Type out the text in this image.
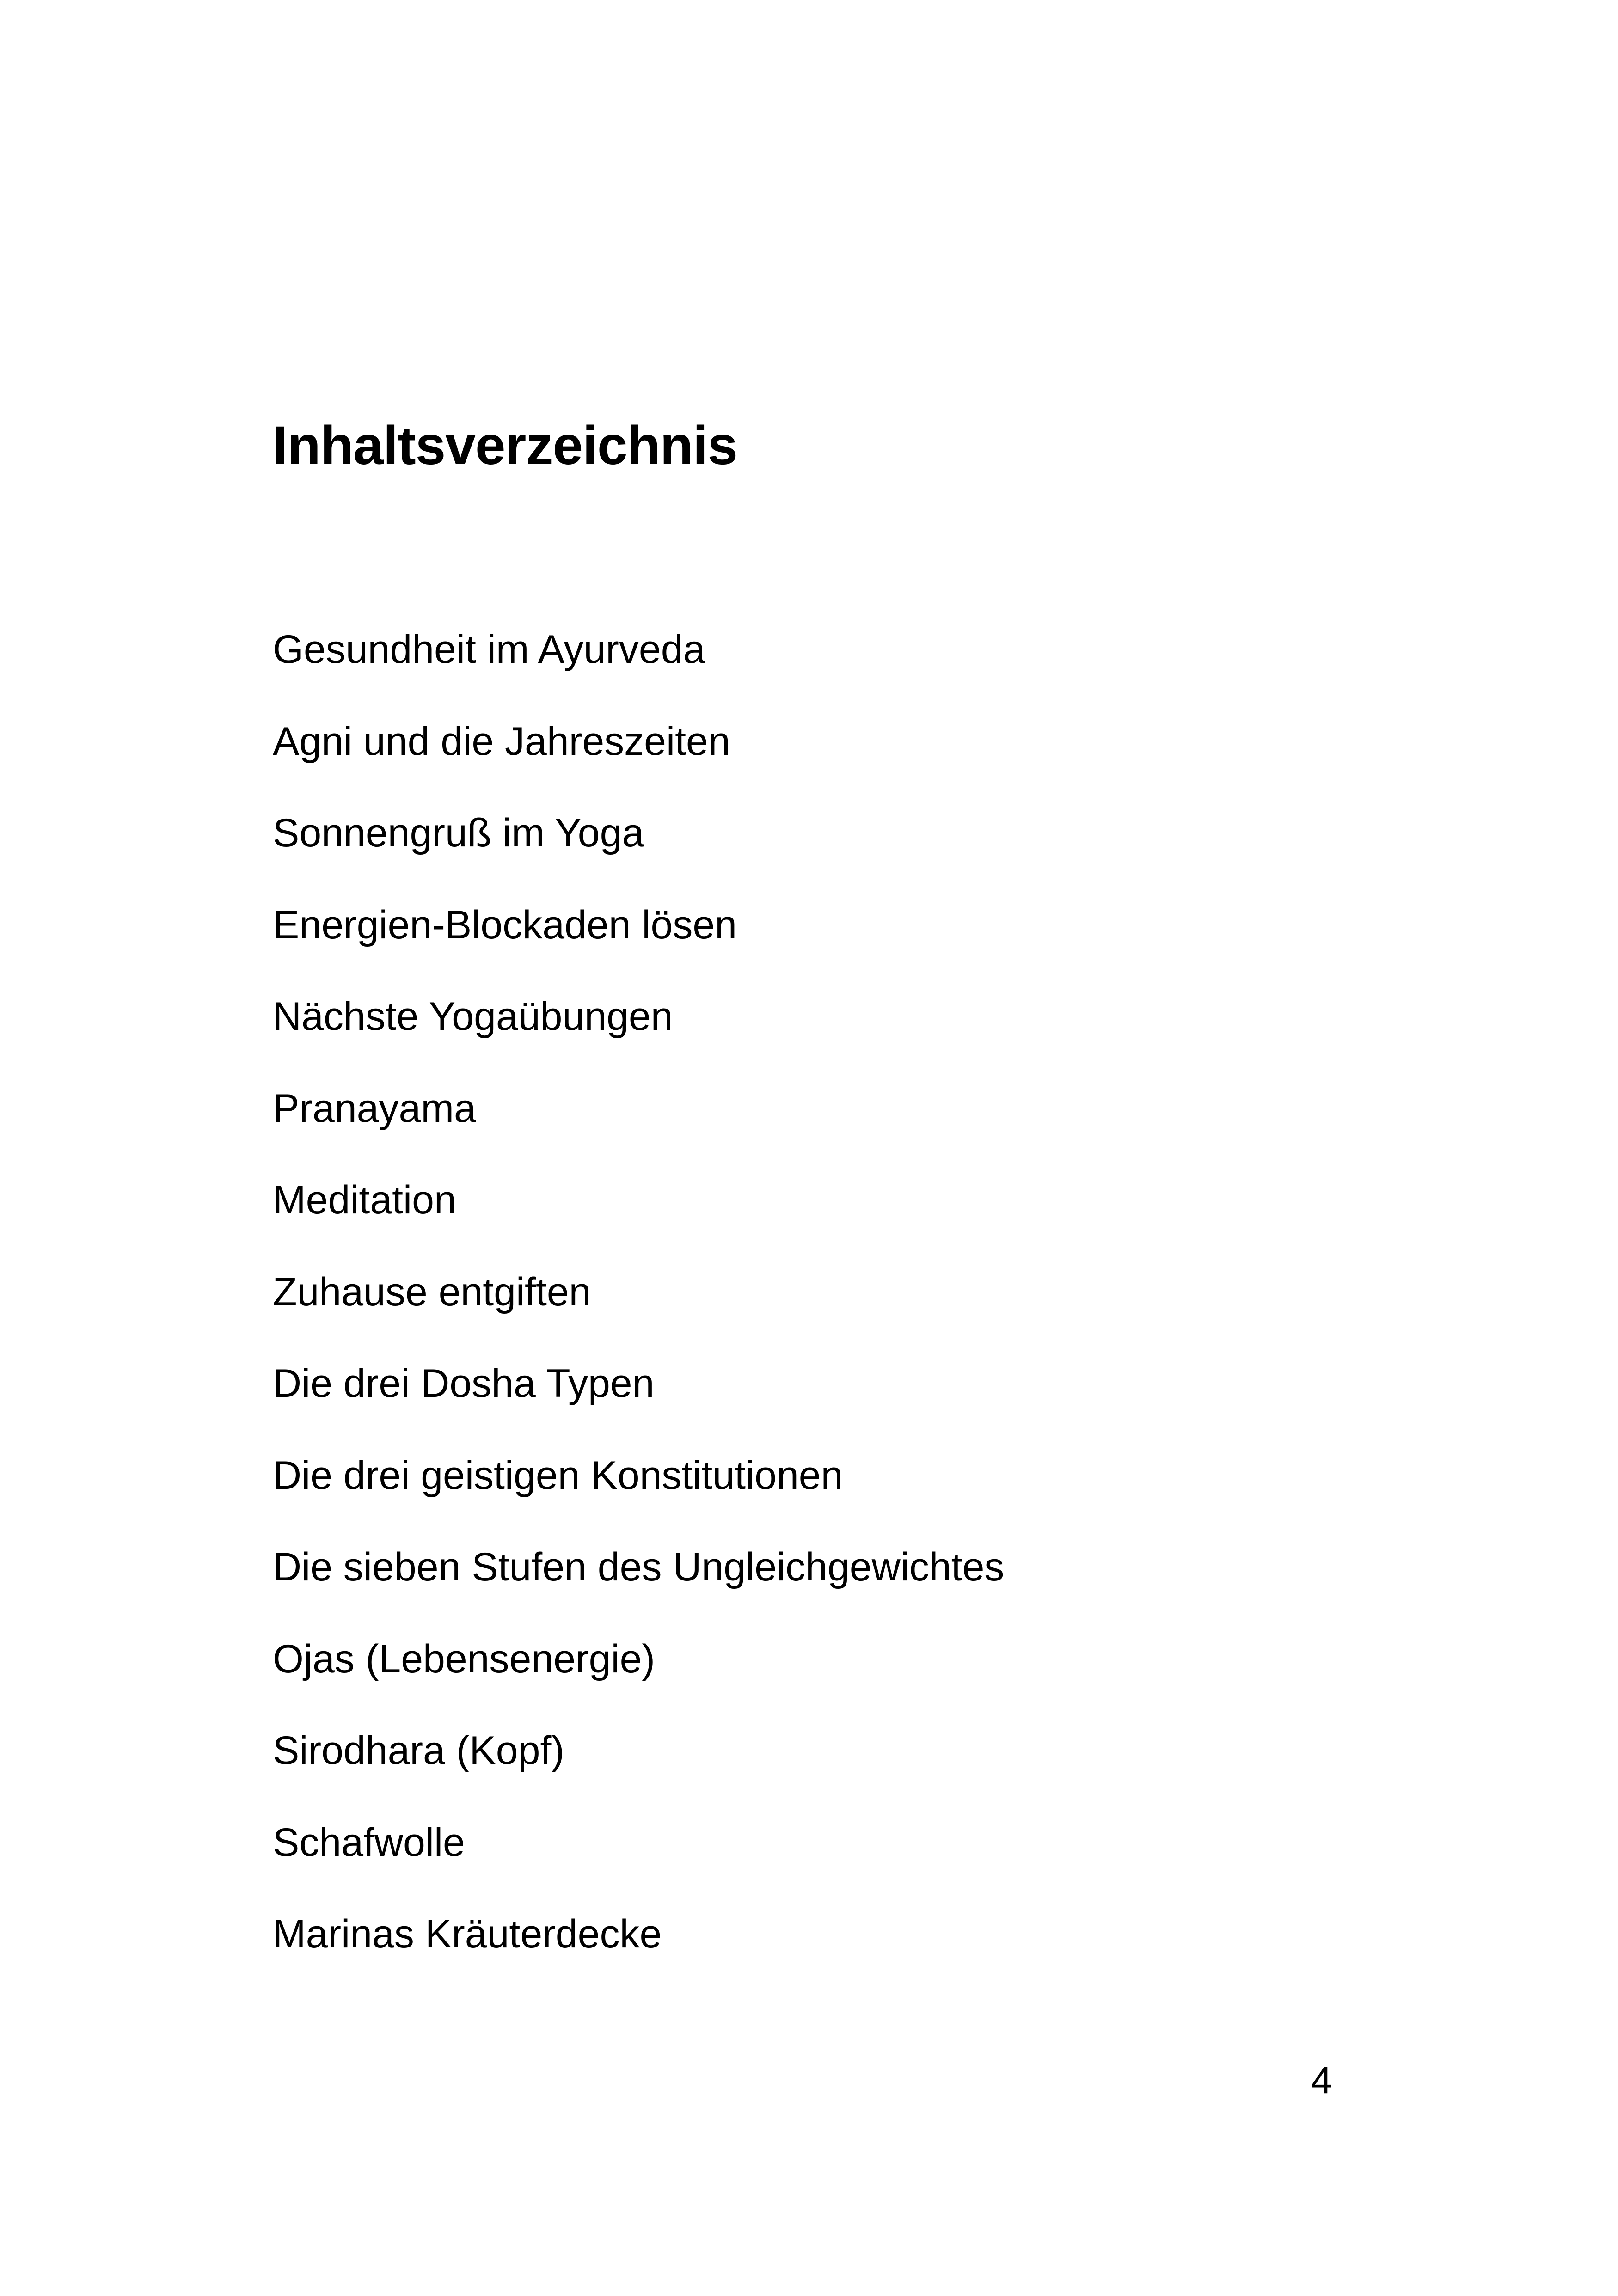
Inhaltsverzeichnis
Gesundheit im Ayurveda
Agni und die Jahreszeiten
Sonnengruß im Yoga
Energien-Blockaden lösen
Nächste Yogaübungen
Pranayama
Meditation
Zuhause entgiften
Die drei Dosha Typen
Die drei geistigen Konstitutionen
Die sieben Stufen des Ungleichgewichtes
Ojas (Lebensenergie)
Sirodhara (Kopf)
Schafwolle
Marinas Kräuterdecke
4
